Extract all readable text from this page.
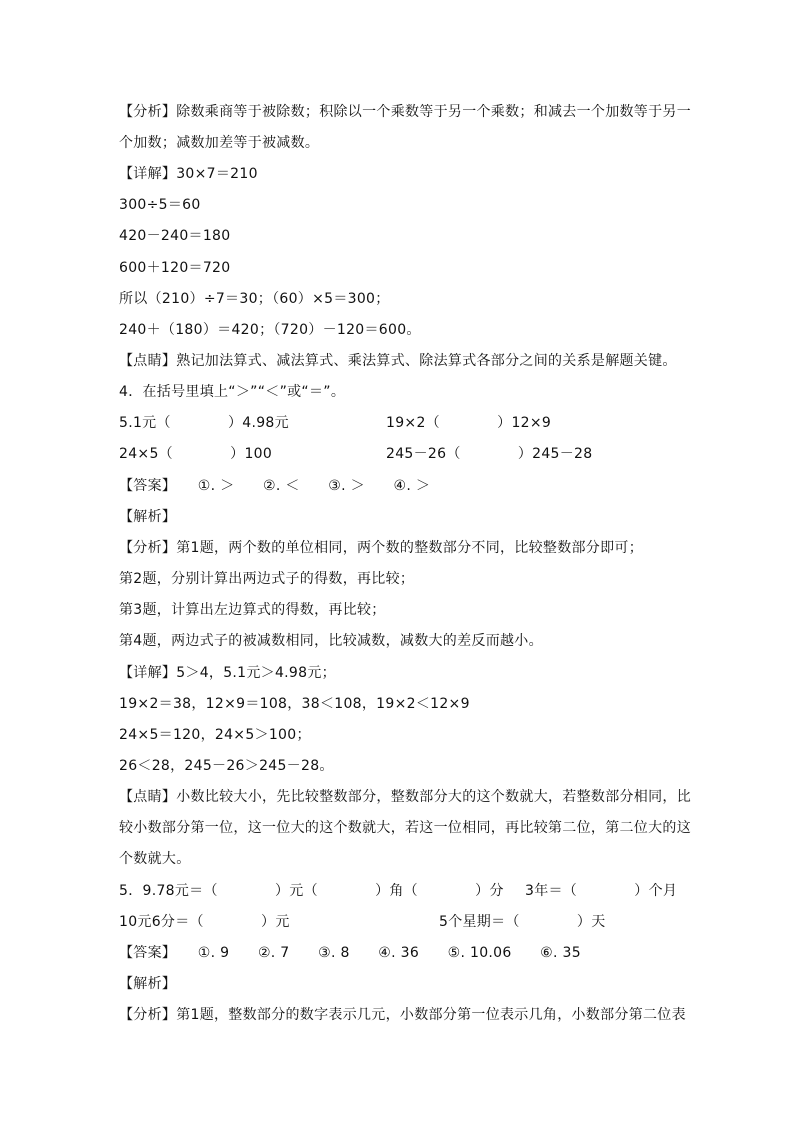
【分析】除数乘商等于被除数；积除以一个乘数等于另一个乘数；和减去一个加数等于另一
个加数；减数加差等于被减数。
【详解】30×7＝210
300÷5＝60
420－240＝180
600＋120＝720
所以（210）÷7＝30；（60）×5＝300；
240＋（180）＝420；（720）－120＝600。
【点睛】熟记加法算式、减法算式、乘法算式、除法算式各部分之间的关系是解题关键。
4．在括号里填上“＞”“＜”或“＝”。
5.1元（　　　　）4.98元	19×2（　　　　）12×9
24×5（　　　　）100	245－26（　　　　）245－28
【答案】　　①. ＞　　②. ＜　　③. ＞　　④. ＞
【解析】
【分析】第1题，两个数的单位相同，两个数的整数部分不同，比较整数部分即可；
第2题，分别计算出两边式子的得数，再比较；
第3题，计算出左边算式的得数，再比较；
第4题，两边式子的被减数相同，比较减数，减数大的差反而越小。
【详解】5＞4，5.1元＞4.98元；
19×2＝38，12×9＝108，38＜108，19×2＜12×9
24×5＝120，24×5＞100；
26＜28，245－26＞245－28。
【点睛】小数比较大小，先比较整数部分，整数部分大的这个数就大，若整数部分相同，比
较小数部分第一位，这一位大的这个数就大，若这一位相同，再比较第二位，第二位大的这
个数就大。
5．9.78元＝（　　　　）元（　　　　）角（　　　　）分 3年＝（　　　　）个月
10元6分＝（　　　　）元	5个星期＝（　　　　）天
【答案】　　①. 9　　②. 7　　③. 8　　④. 36　　⑤. 10.06　　⑥. 35
【解析】
【分析】第1题，整数部分的数字表示几元，小数部分第一位表示几角，小数部分第二位表
